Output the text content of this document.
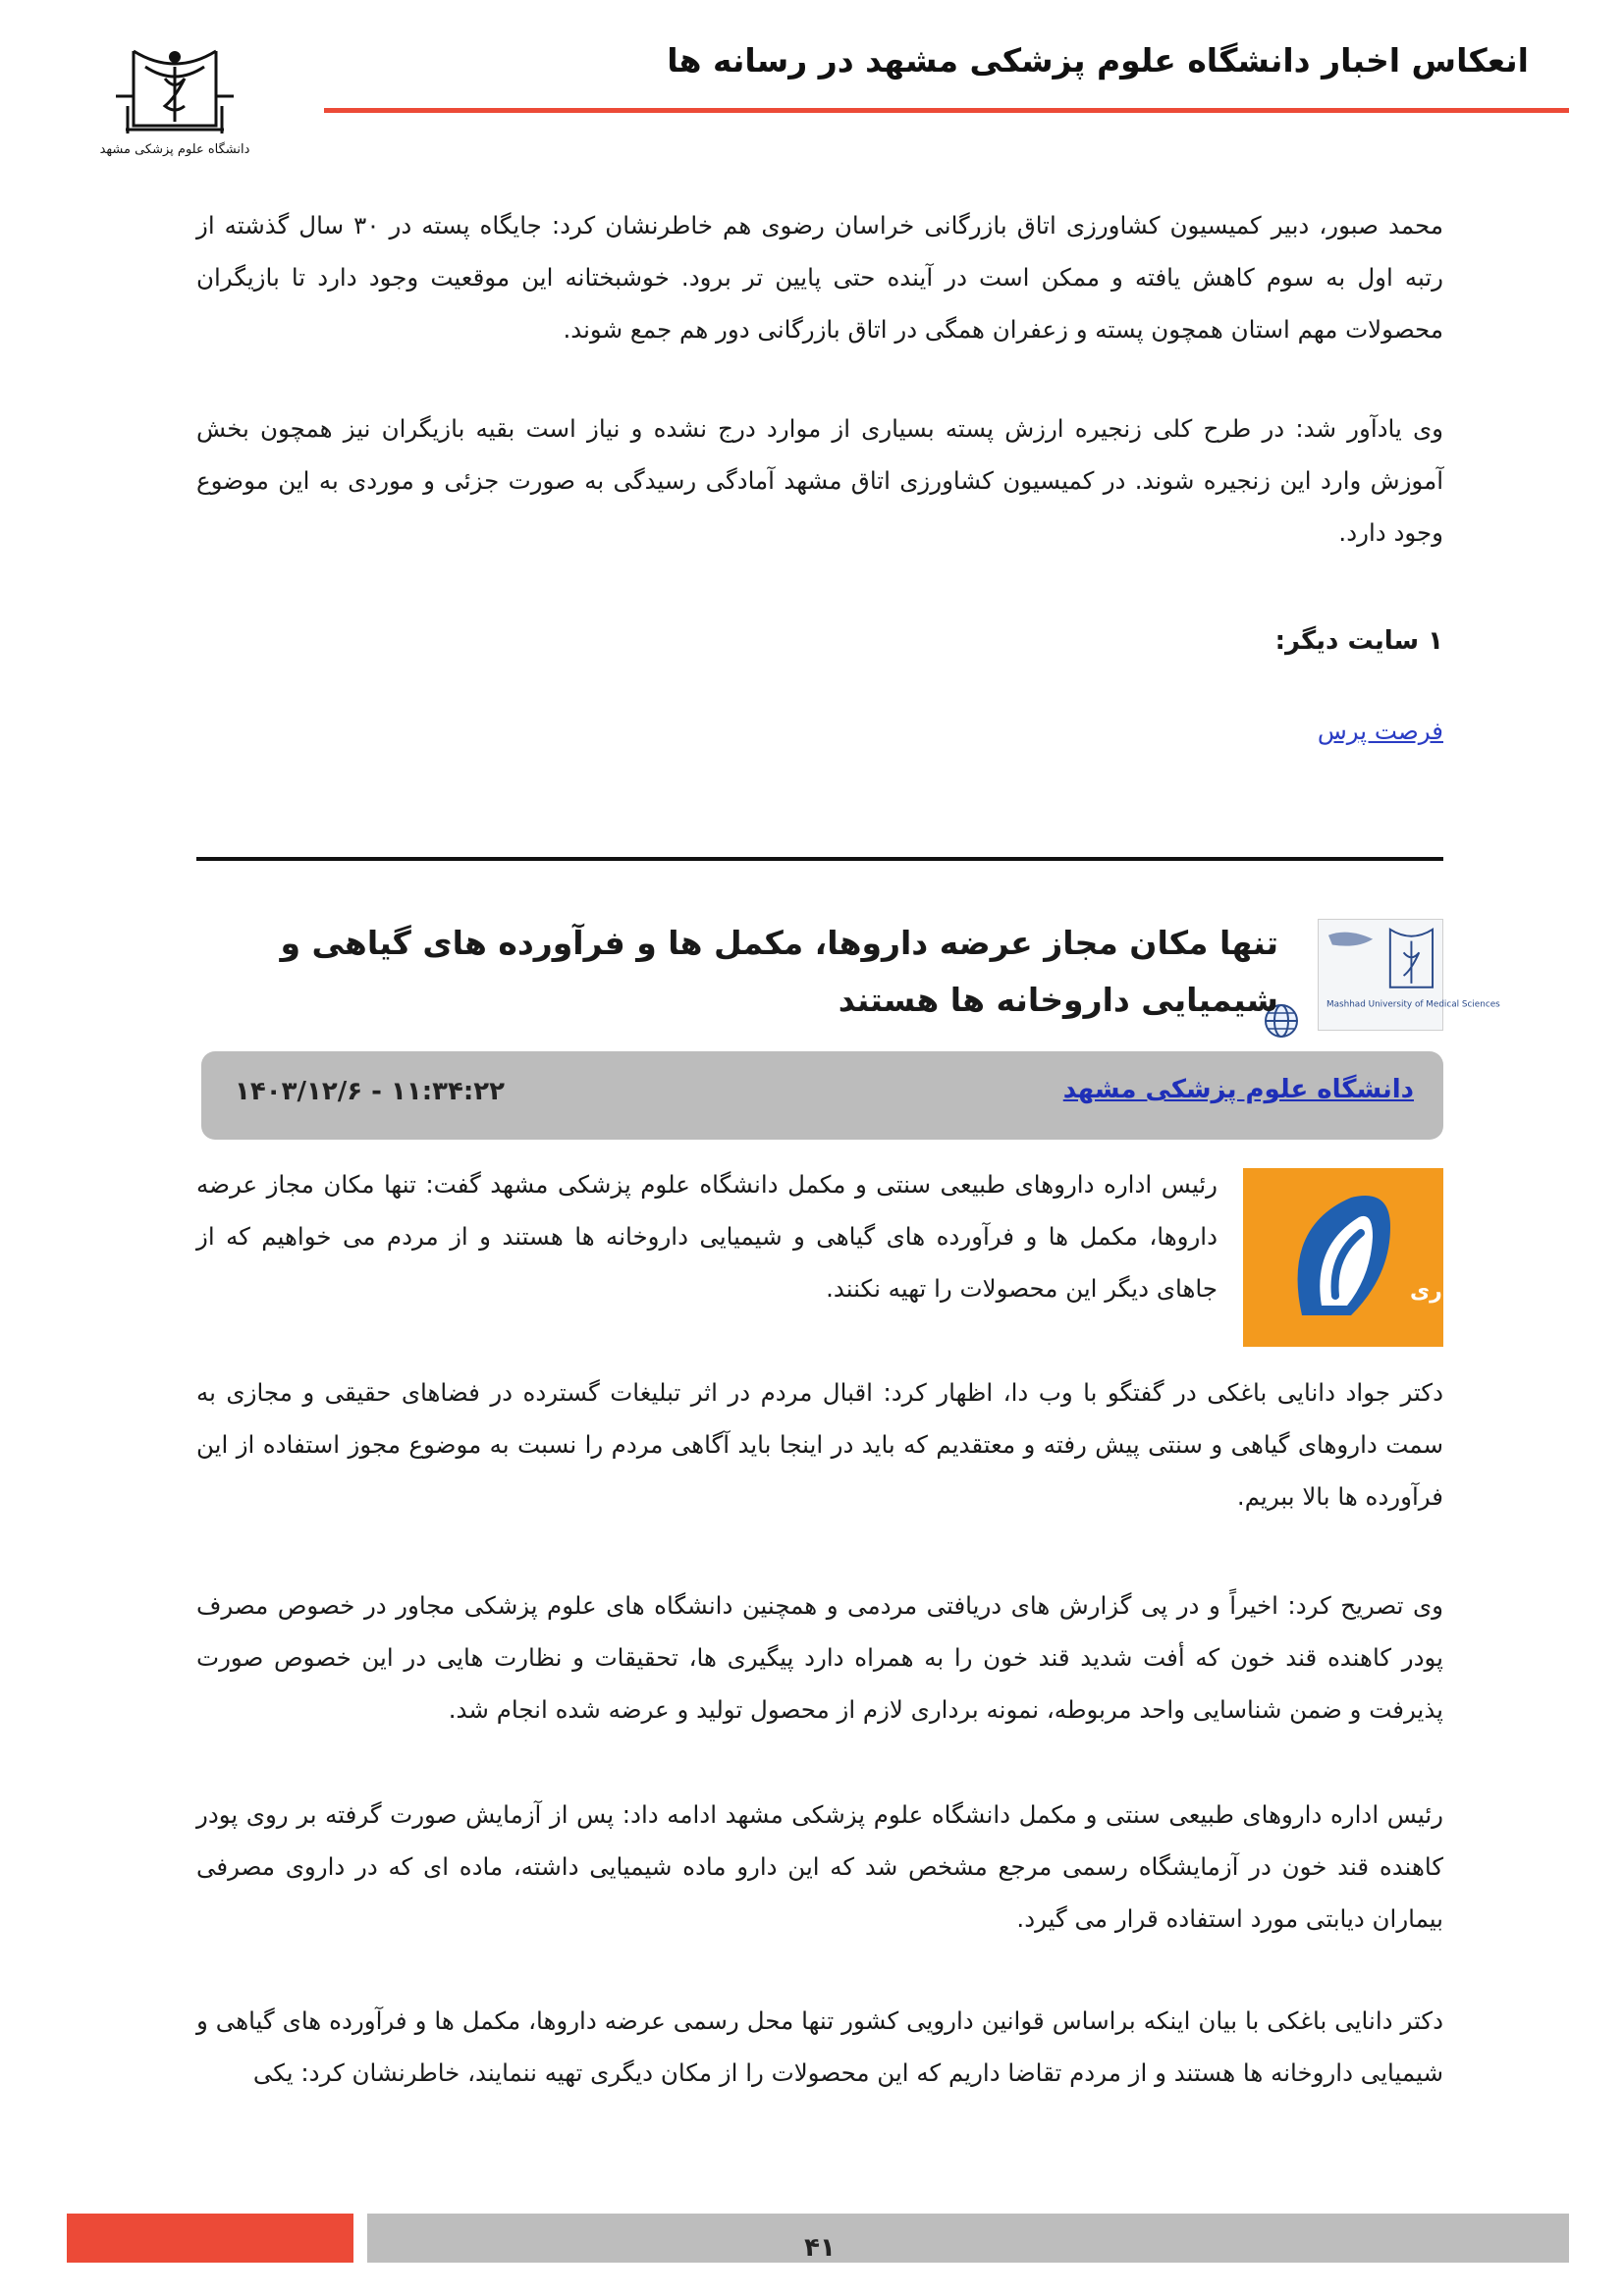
انعکاس اخبار دانشگاه علوم پزشکی مشهد در رسانه ها
دانشگاه علوم پزشکی مشهد

محمد صبور، دبیر کمیسیون کشاورزی اتاق بازرگانی خراسان رضوی هم خاطرنشان کرد: جایگاه پسته در ۳۰ سال گذشته از رتبه اول به سوم کاهش یافته و ممکن است در آینده حتی پایین تر برود. خوشبختانه این موقعیت وجود دارد تا بازیگران محصولات مهم استان همچون پسته و زعفران همگی در اتاق بازرگانی دور هم جمع شوند.

وی یادآور شد: در طرح کلی زنجیره ارزش پسته بسیاری از موارد درج نشده و نیاز است بقیه بازیگران نیز همچون بخش آموزش وارد این زنجیره شوند. در کمیسیون کشاورزی اتاق مشهد آمادگی رسیدگی به صورت جزئی و موردی به این موضوع وجود دارد.

۱ سایت دیگر:
فرصت پرس
Mashhad University of Medical Sciences
تنها مکان مجاز عرضه داروها، مکمل ها و فرآورده های گیاهی و شیمیایی داروخانه ها هستند
دانشگاه علوم پزشکی مشهد
۱۴۰۳/۱۲/۶ - ۱۱:۳۴:۲۲
خبرگزاری

رئیس اداره داروهای طبیعی سنتی و مکمل دانشگاه علوم پزشکی مشهد گفت: تنها مکان مجاز عرضه داروها، مکمل ها و فرآورده های گیاهی و شیمیایی داروخانه ها هستند و از مردم می خواهیم که از جاهای دیگر این محصولات را تهیه نکنند.

دکتر جواد دانایی باغکی در گفتگو با وب دا، اظهار کرد: اقبال مردم در اثر تبلیغات گسترده در فضاهای حقیقی و مجازی به سمت داروهای گیاهی و سنتی پیش رفته و معتقدیم که باید در اینجا باید آگاهی مردم را نسبت به موضوع مجوز استفاده از این فرآورده ها بالا ببریم.

وی تصریح کرد: اخیراً و در پی گزارش های دریافتی مردمی و همچنین دانشگاه های علوم پزشکی مجاور در خصوص مصرف پودر کاهنده قند خون که أفت شدید قند خون را به همراه دارد پیگیری ها، تحقیقات و نظارت هایی در این خصوص صورت پذیرفت و ضمن شناسایی واحد مربوطه، نمونه برداری لازم از محصول تولید و عرضه شده انجام شد.

رئیس اداره داروهای طبیعی سنتی و مکمل دانشگاه علوم پزشکی مشهد ادامه داد: پس از آزمایش صورت گرفته بر روی پودر کاهنده قند خون در آزمایشگاه رسمی مرجع مشخص شد که این دارو ماده شیمیایی داشته، ماده ای که در داروی مصرفی بیماران دیابتی مورد استفاده قرار می گیرد.

دکتر دانایی باغکی با بیان اینکه براساس قوانین دارویی کشور تنها محل رسمی عرضه داروها، مکمل ها و فرآورده های گیاهی و شیمیایی داروخانه ها هستند و از مردم تقاضا داریم که این محصولات را از مکان دیگری تهیه ننمایند، خاطرنشان کرد: یکی

۴۱
